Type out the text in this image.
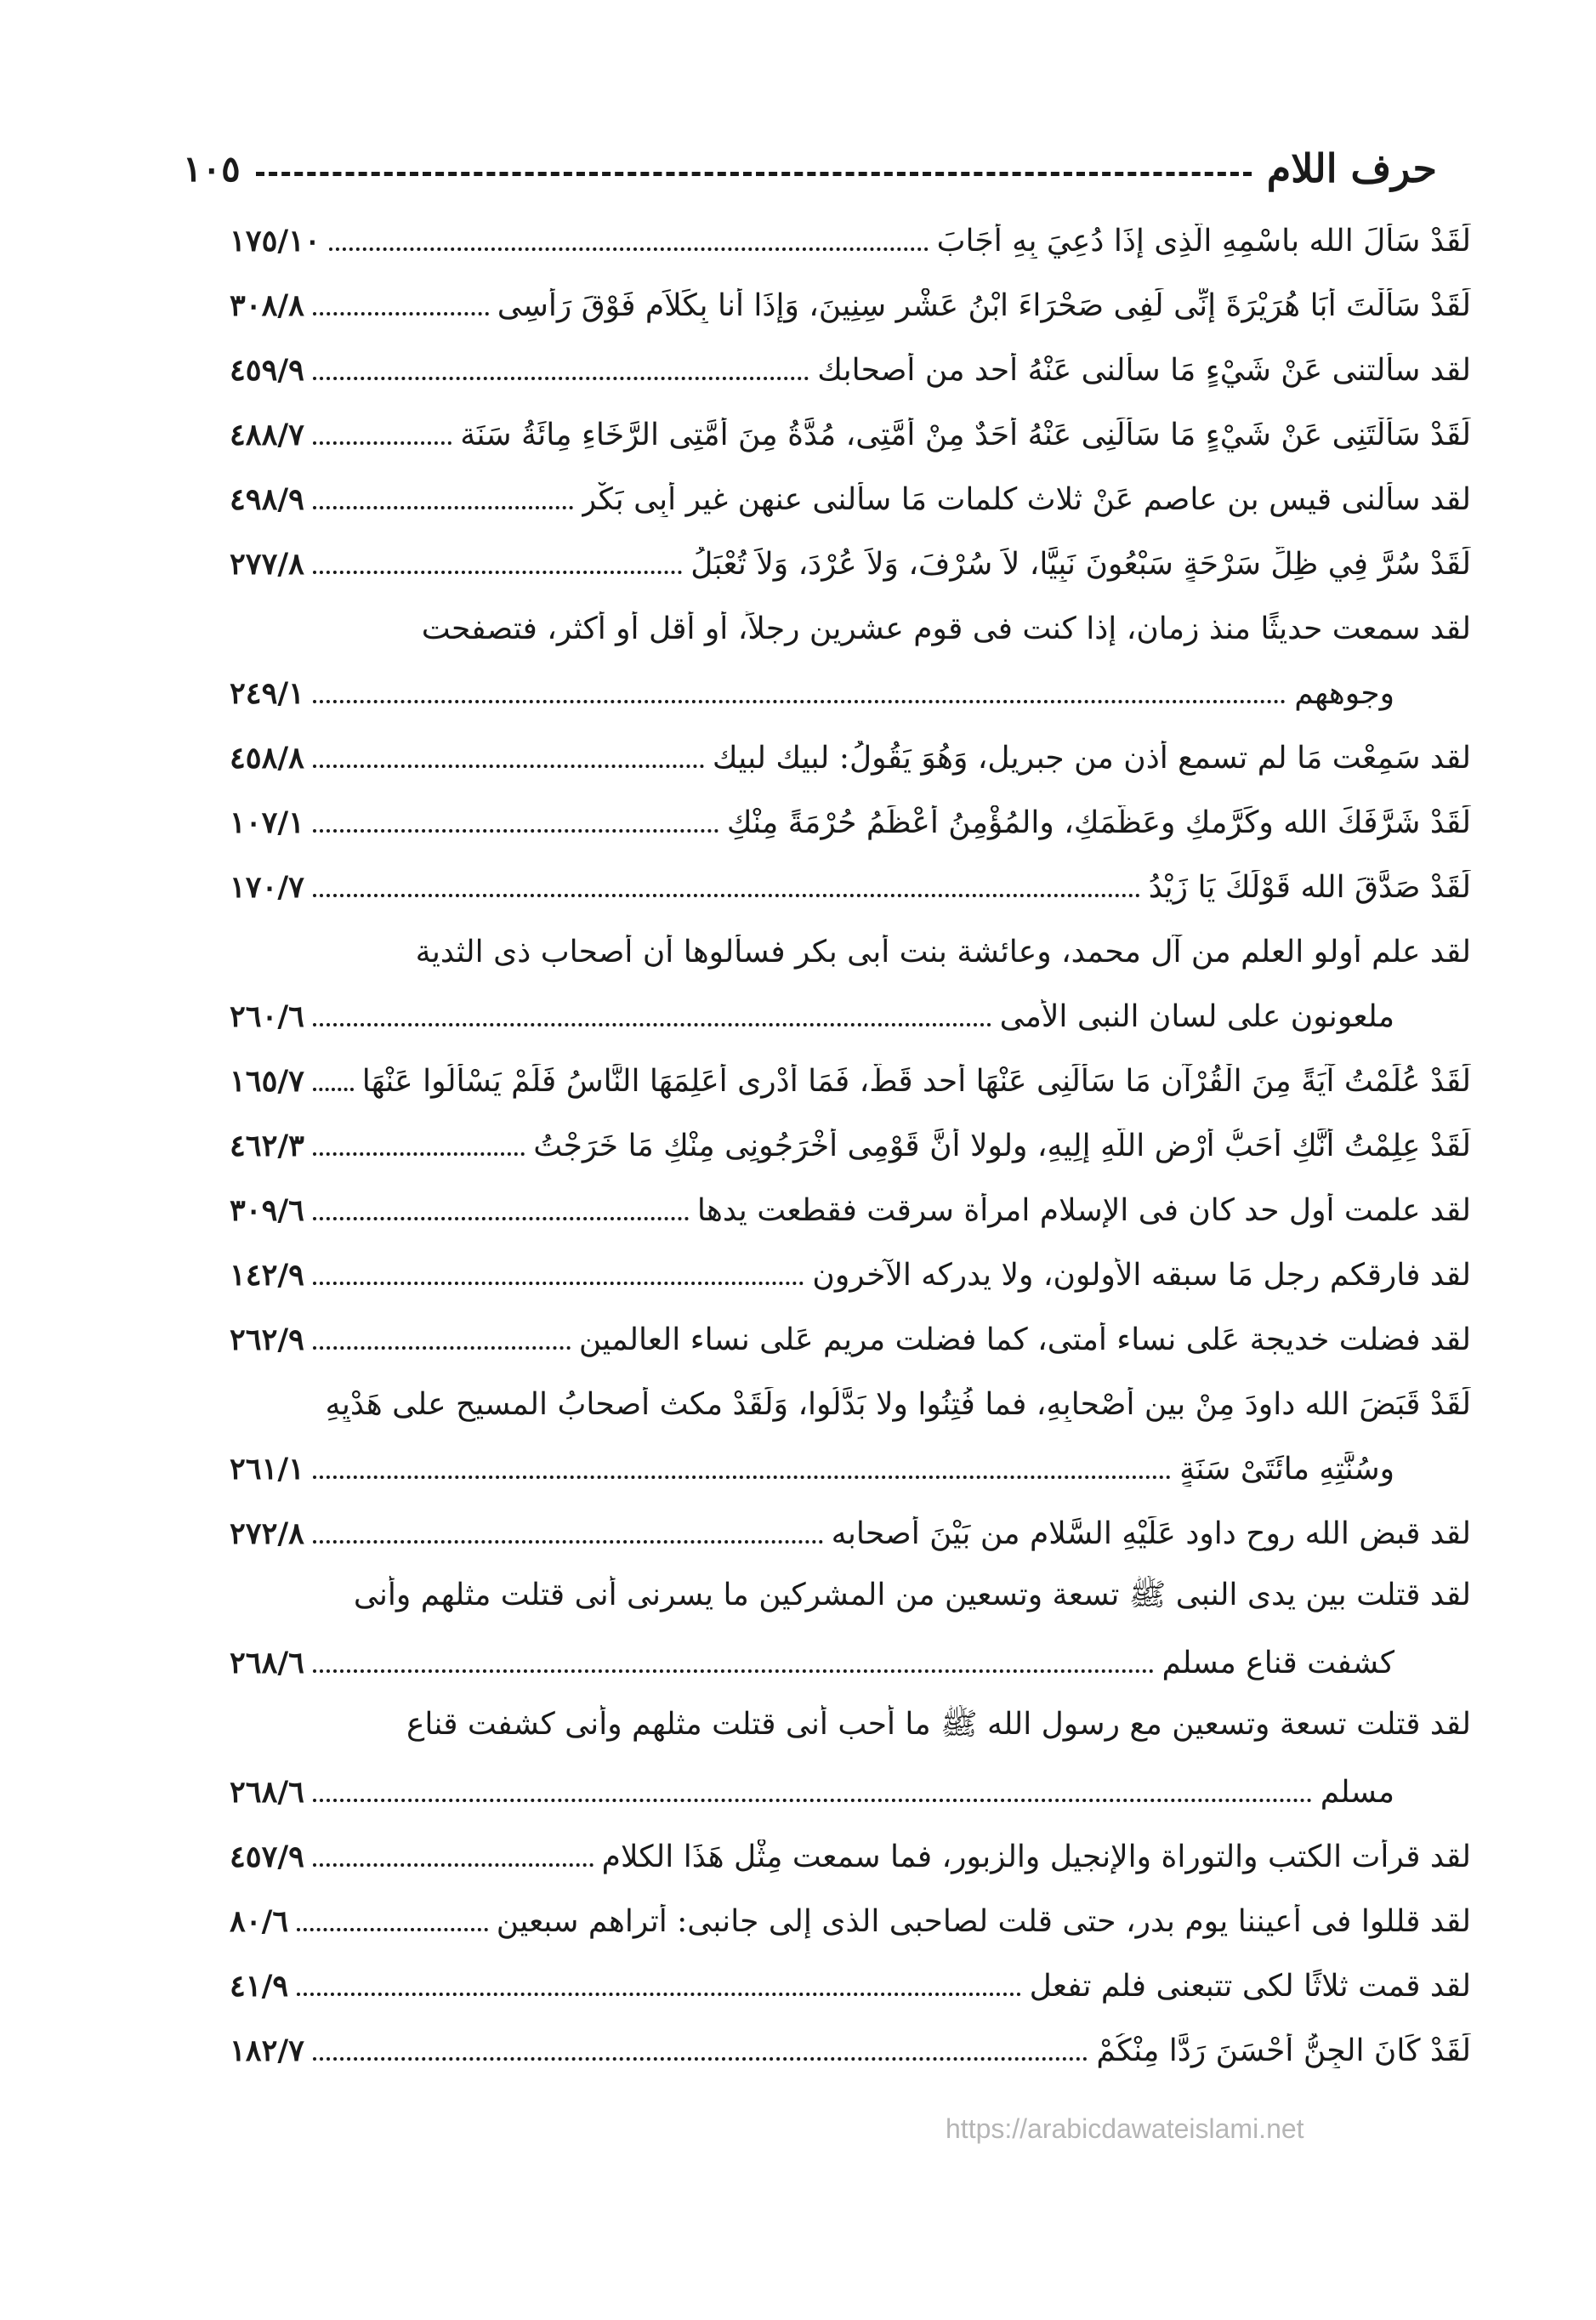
حرف اللام
١٠٥
لَقَدْ سَأَلَ الله باسْمِهِ الَّذِى إِذَا دُعِيَ بِهِ أَجَابَ
١٧٥/١٠
لَقَدْ سَأَلْتَ أَبَا هُرَيْرَةَ إِنِّى لَفِى صَحْرَاءَ ابْنُ عَشْرِ سِنِينَ، وَإِذَا أَنا بِكَلاَمٍ فَوْقَ رَأْسِى
٣٠٨/٨
لقد سألتنى عَنْ شَيْءٍ مَا سألنى عَنْهُ أحد من أصحابك
٤٥٩/٩
لَقَدْ سَأَلْتَنِى عَنْ شَيْءٍ مَا سَأَلَنِى عَنْهُ أَحَدٌ مِنْ أُمَّتِى، مُدَّةُ مِنَ أُمَّتِى الرَّخَاءِ مِائَةُ سَنَة
٤٨٨/٧
لقد سألنى قيس بن عاصم عَنْ ثلاث كلمات مَا سألنى عنهن غير أَبِى بَكْرٍ
٤٩٨/٩
لَقَدْ سُرَّ فِي ظِلِّ سَرْحَةٍ سَبْعُونَ نَبِيًّا، لاَ سُرْفَ، وَلاَ عُرْدَ، وَلاَ تُعْبَلُ
٢٧٧/٨
لقد سمعت حديثًا منذ زمان، إذا كنت فى قوم عشرين رجلاً، أو أقل أو أكثر، فتصفحت
وجوههم
٢٤٩/١
لقد سَمِعْت مَا لم تسمع أذن من جبريل، وَهُوَ يَقُولُ: لبيك لبيك
٤٥٨/٨
لَقَدْ شَرَّفَكَ الله وكَرَّمكِ وعَظَّمَكِ، والمُؤْمِنُ أَعْظَمُ حُرْمَةً مِنْكِ
١٠٧/١
لَقَدْ صَدَّقَ الله قَوْلَكَ يَا زَيْدُ
١٧٠/٧
لقد علم أولو العلم من آل محمد، وعائشة بنت أبى بكر فسألوها أن أصحاب ذى الثدية
ملعونون على لسان النبى الأمى
٢٦٠/٦
لَقَدْ عُلِّمْتُ آيَةً مِنَ الْقُرْآنِ مَا سَأَلَنِى عَنْهَا أحد قَطُّ، فَمَا أَدْرِى أَعَلِمَهَا النَّاسُ فَلَمْ يَسْأَلُوا عَنْهَا
١٦٥/٧
لَقَدْ عِلِمْتُ أَنَّكِ أَحَبُّ أَرْضِ اللَّهِ إِلِيهِ، ولولا أَنَّ قَوْمِى أَخْرَجُونِى مِنْكِ مَا خَرَجْتُ
٤٦٢/٣
لقد علمت أول حد كان فى الإسلام امرأة سرقت فقطعت يدها
٣٠٩/٦
لقد فارقكم رجل مَا سبقه الأولون، ولا يدركه الآخرون
١٤٢/٩
لقد فضلت خديجة عَلى نساء أمتى، كما فضلت مريم عَلى نساء العالمين
٢٦٢/٩
لَقَدْ قَبَضَ الله داودَ مِنْ بين أَصْحابِهِ، فما فُتِنُوا ولا بَدَّلُوا، وَلَقَدْ مكث أصحابُ المسيحِ على هَدْيِهِ
وسُنَّتِهِ مائَتَىْ سَنَةٍ
٢٦١/١
لقد قبض الله روح داود عَلَيْهِ السَّلام من بَيْنَ أصحابه
٢٧٢/٨
لقد قتلت بين يدى النبى ﷺ تسعة وتسعين من المشركين ما يسرنى أنى قتلت مثلهم وأنى
كشفت قناع مسلم
٢٦٨/٦
لقد قتلت تسعة وتسعين مع رسول الله ﷺ ما أحب أنى قتلت مثلهم وأنى كشفت قناع
مسلم
٢٦٨/٦
لقد قرأت الكتب والتوراة والإنجيل والزبور، فما سمعت مِثْل هَذَا الكلام
٤٥٧/٩
لقد قللوا فى أعيننا يوم بدر، حتى قلت لصاحبى الذى إلى جانبى: أتراهم سبعين
٨٠/٦
لقد قمت ثلاثًا لكى تتبعنى فلم تفعل
٤١/٩
لَقَدْ كَانَ الجِنُّ أَحْسَنَ رَدًّا مِنْكُمْ
١٨٢/٧
https://arabicdawateislami.net
